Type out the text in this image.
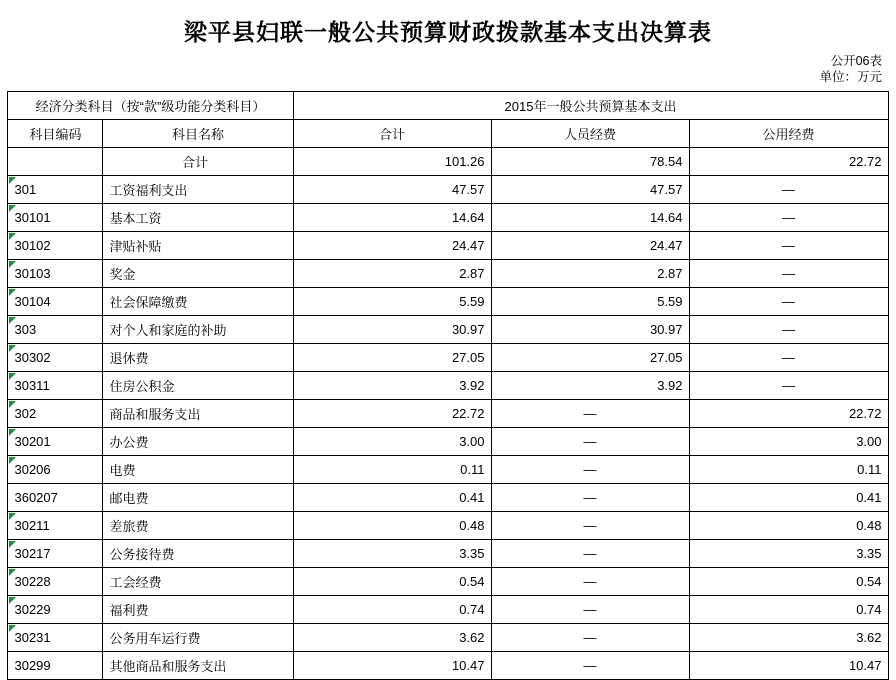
梁平县妇联一般公共预算财政拨款基本支出决算表
公开06表
单位：万元
经济分类科目（按“款”级功能分类科目）		2015年一般公共预算基本支出		
科目编码	科目名称	合计	人员经费	公用经费
	合计	101.26	78.54	22.72
301	工资福利支出	47.57	47.57	—
30101	基本工资	14.64	14.64	—
30102	津贴补贴	24.47	24.47	—
30103	奖金	2.87	2.87	—
30104	社会保障缴费	5.59	5.59	—
303	对个人和家庭的补助	30.97	30.97	—
30302	退休费	27.05	27.05	—
30311	住房公积金	3.92	3.92	—
302	商品和服务支出	22.72	—	22.72
30201	办公费	3.00	—	3.00
30206	电费	0.11	—	0.11
360207	邮电费	0.41	—	0.41
30211	差旅费	0.48	—	0.48
30217	公务接待费	3.35	—	3.35
30228	工会经费	0.54	—	0.54
30229	福利费	0.74	—	0.74
30231	公务用车运行费	3.62	—	3.62
30299	其他商品和服务支出	10.47	—	10.47
